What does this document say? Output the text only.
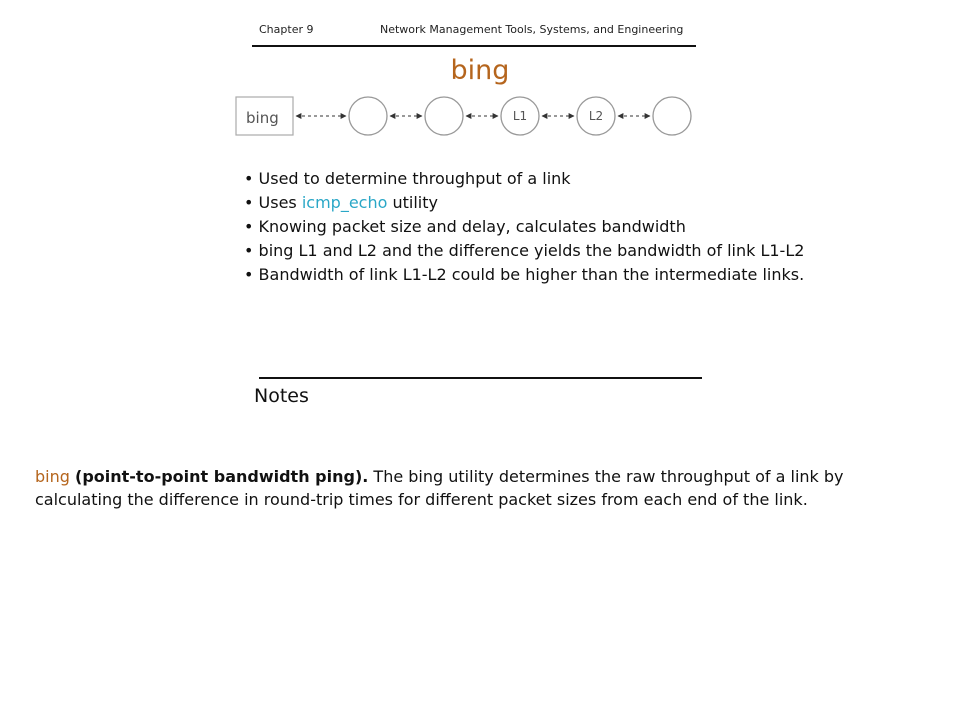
Chapter 9	Network Management Tools, Systems, and Engineering
bing
bing	L1	L2
• Used to determine throughput of a link
• Uses icmp_echo utility
• Knowing packet size and delay, calculates bandwidth
• bing L1 and L2 and the difference yields the bandwidth of link L1-L2
• Bandwidth of link L1-L2 could be higher than the intermediate links.
Notes

bing (point-to-point bandwidth ping). The bing utility determines the raw throughput of a link by calculating the difference in round-trip times for different packet sizes from each end of the link.
